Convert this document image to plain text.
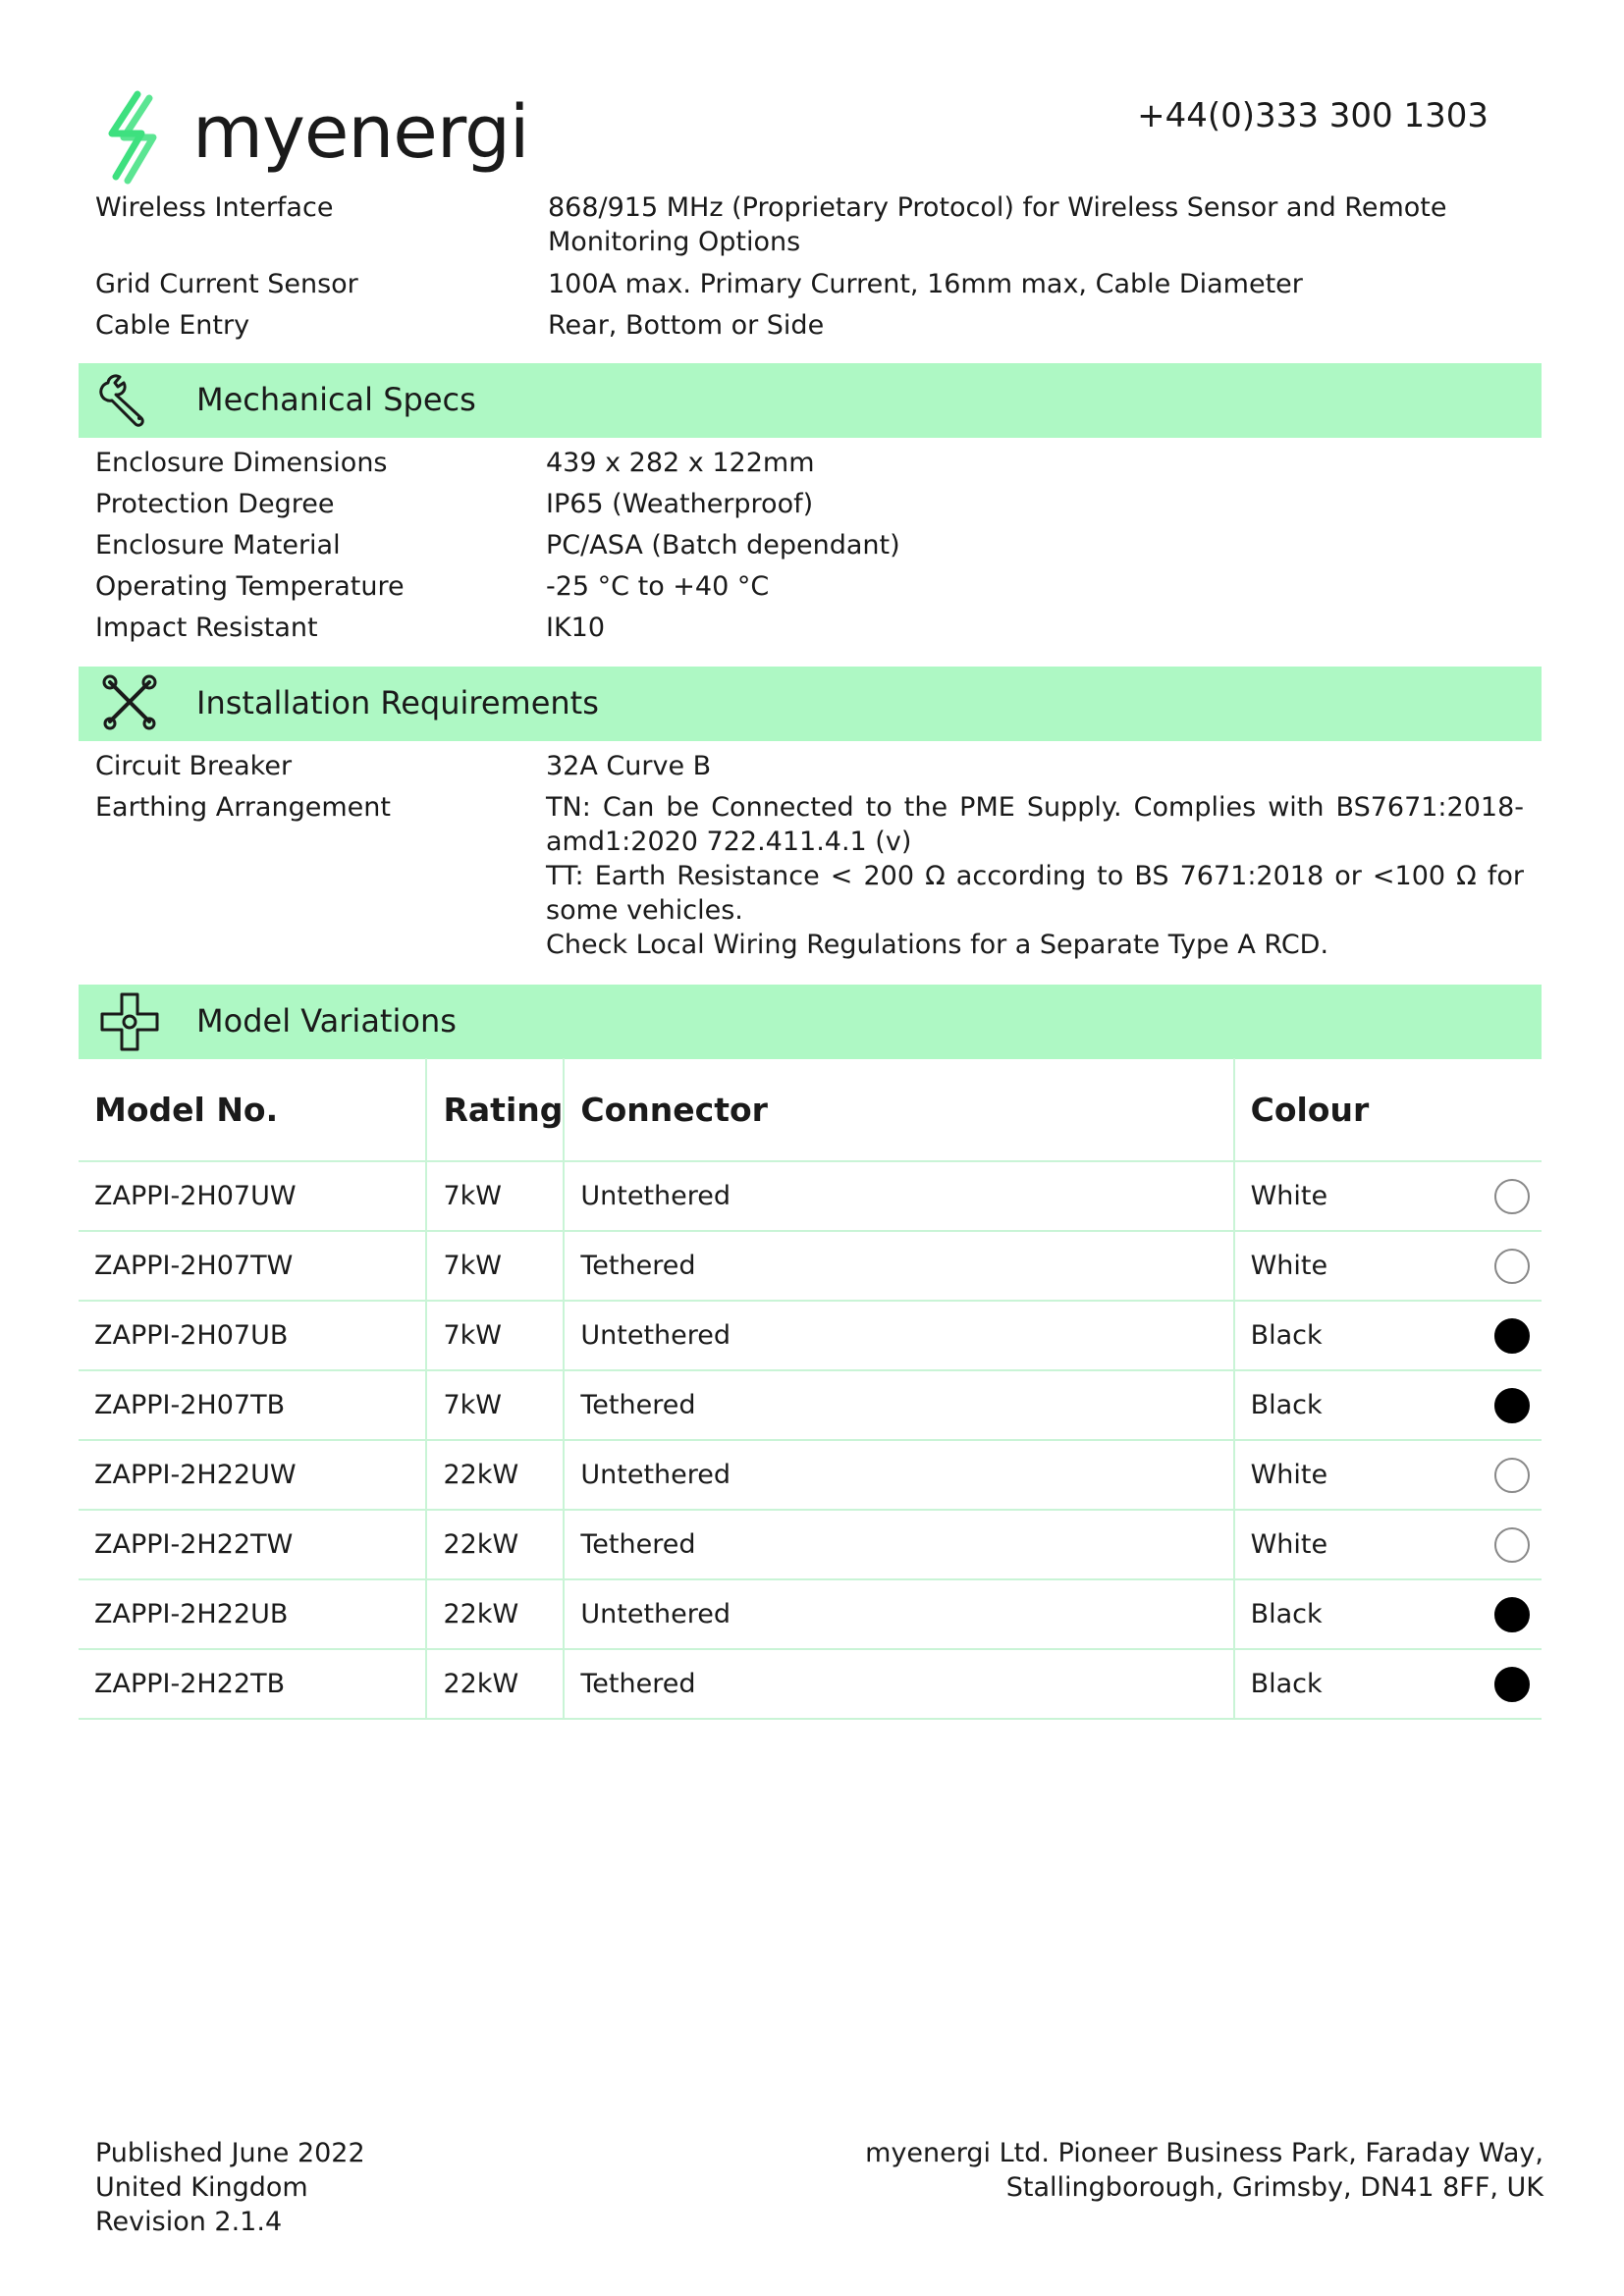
myenergi	+44(0)333 300 1303
Wireless Interface	868/915 MHz (Proprietary Protocol) for Wireless Sensor and Remote Monitoring Options
Grid Current Sensor	100A max. Primary Current, 16mm max, Cable Diameter
Cable Entry	Rear, Bottom or Side
Mechanical Specs
Enclosure Dimensions	439 x 282 x 122mm
Protection Degree	IP65 (Weatherproof)
Enclosure Material	PC/ASA (Batch dependant)
Operating Temperature	-25 °C to +40 °C
Impact Resistant	IK10
Installation Requirements
Circuit Breaker	32A Curve B
Earthing Arrangement	TN: Can be Connected to the PME Supply. Complies with BS7671:2018-amd1:2020 722.411.4.1 (v)
TT: Earth Resistance < 200 Ω according to BS 7671:2018 or <100 Ω for some vehicles.
Check Local Wiring Regulations for a Separate Type A RCD.
Model Variations
Model No.	Rating	Connector	Colour
ZAPPI-2H07UW	7kW	Untethered	White

ZAPPI-2H07TW	7kW	Tethered	White

ZAPPI-2H07UB	7kW	Untethered	Black

ZAPPI-2H07TB	7kW	Tethered	Black

ZAPPI-2H22UW	22kW	Untethered	White

ZAPPI-2H22TW	22kW	Tethered	White

ZAPPI-2H22UB	22kW	Untethered	Black

ZAPPI-2H22TB	22kW	Tethered	Black
Published June 2022
United Kingdom
Revision 2.1.4
myenergi Ltd. Pioneer Business Park, Faraday Way,
Stallingborough, Grimsby, DN41 8FF, UK
